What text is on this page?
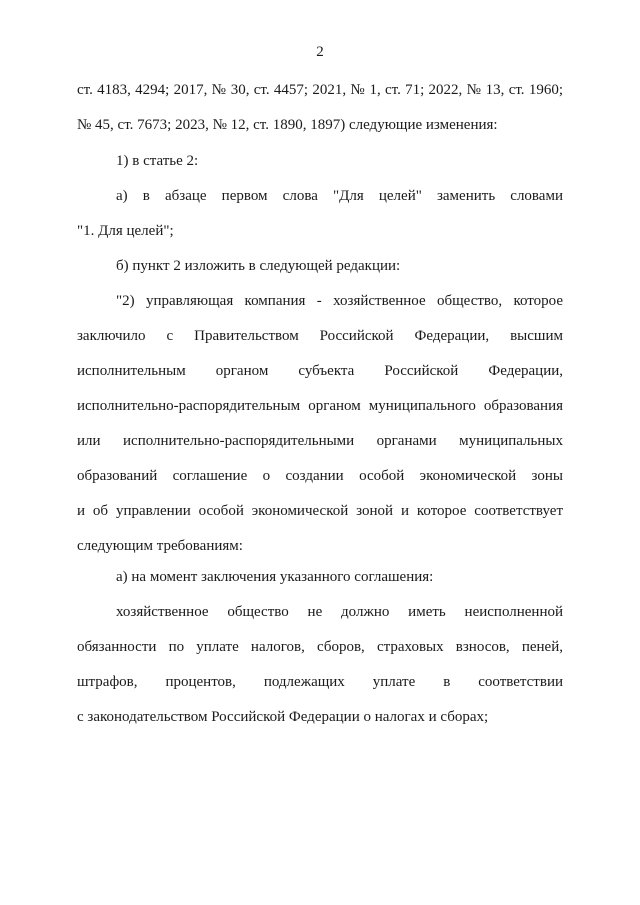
2
ст. 4183, 4294; 2017, № 30, ст. 4457; 2021, № 1, ст. 71; 2022, № 13, ст. 1960;
№ 45, ст. 7673; 2023, № 12, ст. 1890, 1897) следующие изменения:
1) в статье 2:
а) в абзаце первом слова "Для целей" заменить словами
"1. Для целей";
б) пункт 2 изложить в следующей редакции:
"2) управляющая компания - хозяйственное общество, которое
заключило с Правительством Российской Федерации, высшим
исполнительным органом субъекта Российской Федерации,
исполнительно-распорядительным органом муниципального образования
или исполнительно-распорядительными органами муниципальных
образований соглашение о создании особой экономической зоны
и об управлении особой экономической зоной и которое соответствует
следующим требованиям:
а) на момент заключения указанного соглашения:
хозяйственное общество не должно иметь неисполненной
обязанности по уплате налогов, сборов, страховых взносов, пеней,
штрафов, процентов, подлежащих уплате в соответствии
с законодательством Российской Федерации о налогах и сборах;
